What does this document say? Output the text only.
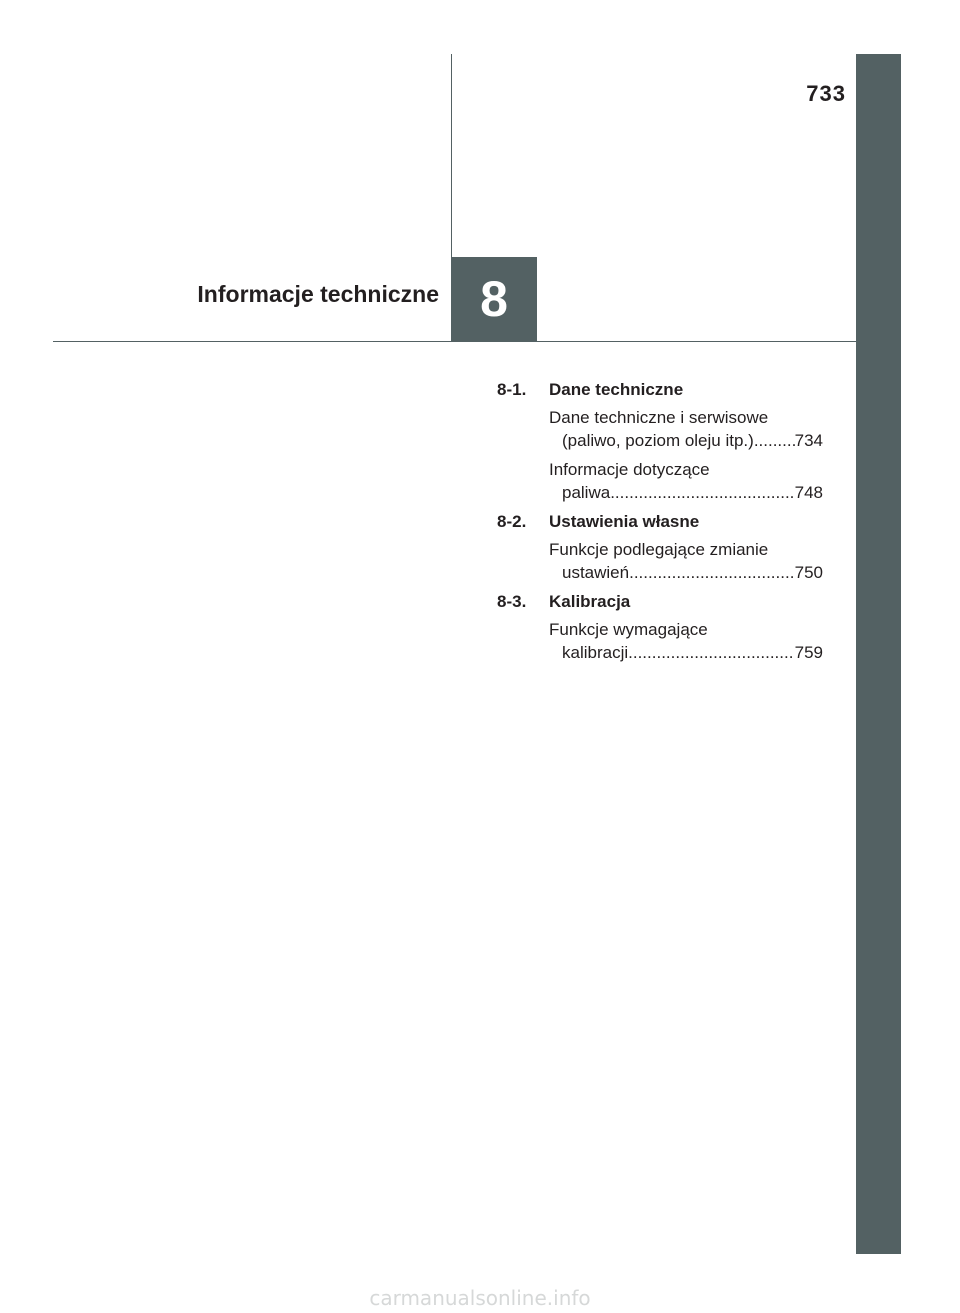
733
Informacje techniczne 8
8-1.	Dane techniczne
Dane techniczne i serwisowe
(paliwo, poziom oleju itp.) ..... 734
Informacje dotyczące
paliwa .....	748
8-2.	Ustawienia własne
Funkcje podlegające zmianie
ustawień .....	750
8-3.	Kalibracja
Funkcje wymagające
kalibracji .....	759
carmanualsonline.info
